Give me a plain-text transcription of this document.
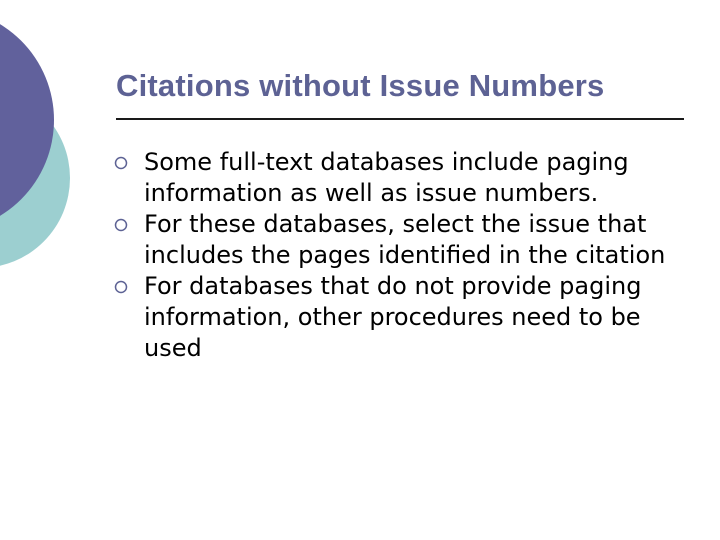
Citations without Issue Numbers
Some full-text databases include paging information as well as issue numbers.
For these databases, select the issue that includes the pages identified in the citation
For databases that do not provide paging information, other procedures need to be used
